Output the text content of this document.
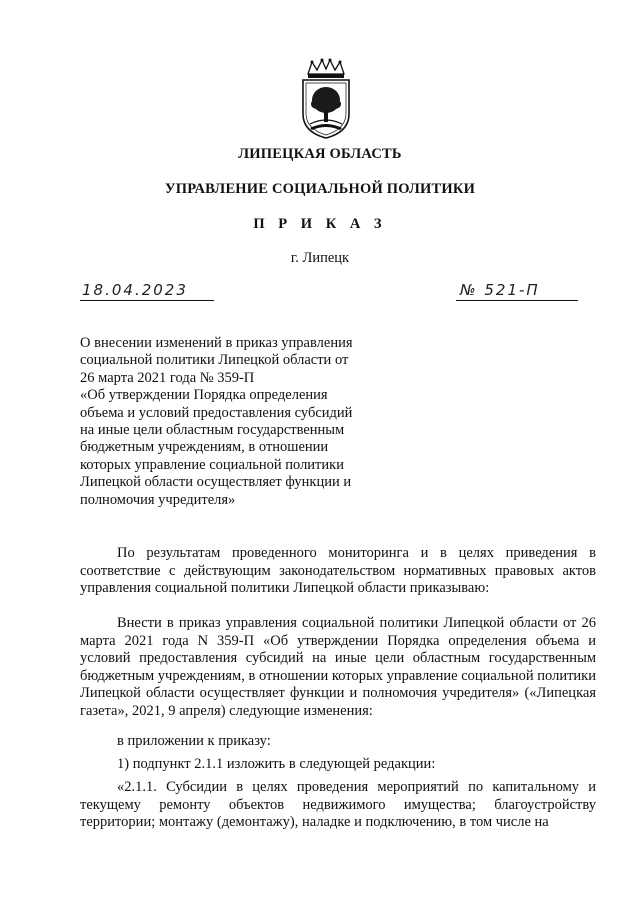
ЛИПЕЦКАЯ ОБЛАСТЬ
УПРАВЛЕНИЕ СОЦИАЛЬНОЙ ПОЛИТИКИ
П Р И К А З
г. Липецк
18.04.2023	№ 521-П
О внесении изменений в приказ управления
социальной политики Липецкой области от
26 марта 2021 года № 359-П
«Об утверждении Порядка определения
объема и условий предоставления субсидий
на иные цели областным государственным
бюджетным учреждениям, в отношении
которых управление социальной политики
Липецкой области осуществляет функции и
полномочия учредителя»
По результатам проведенного мониторинга и в целях приведения в соответствие с действующим законодательством нормативных правовых актов управления социальной политики Липецкой области приказываю:
Внести в приказ управления социальной политики Липецкой области от 26 марта 2021 года N 359-П «Об утверждении Порядка определения объема и условий предоставления субсидий на иные цели областным государственным бюджетным учреждениям, в отношении которых управление социальной политики Липецкой области осуществляет функции и полномочия учредителя» («Липецкая газета», 2021, 9 апреля) следующие изменения:
в приложении к приказу:
1) подпункт 2.1.1 изложить в следующей редакции:
«2.1.1. Субсидии в целях проведения мероприятий по капитальному и текущему ремонту объектов недвижимого имущества; благоустройству территории; монтажу (демонтажу), наладке и подключению, в том числе на
